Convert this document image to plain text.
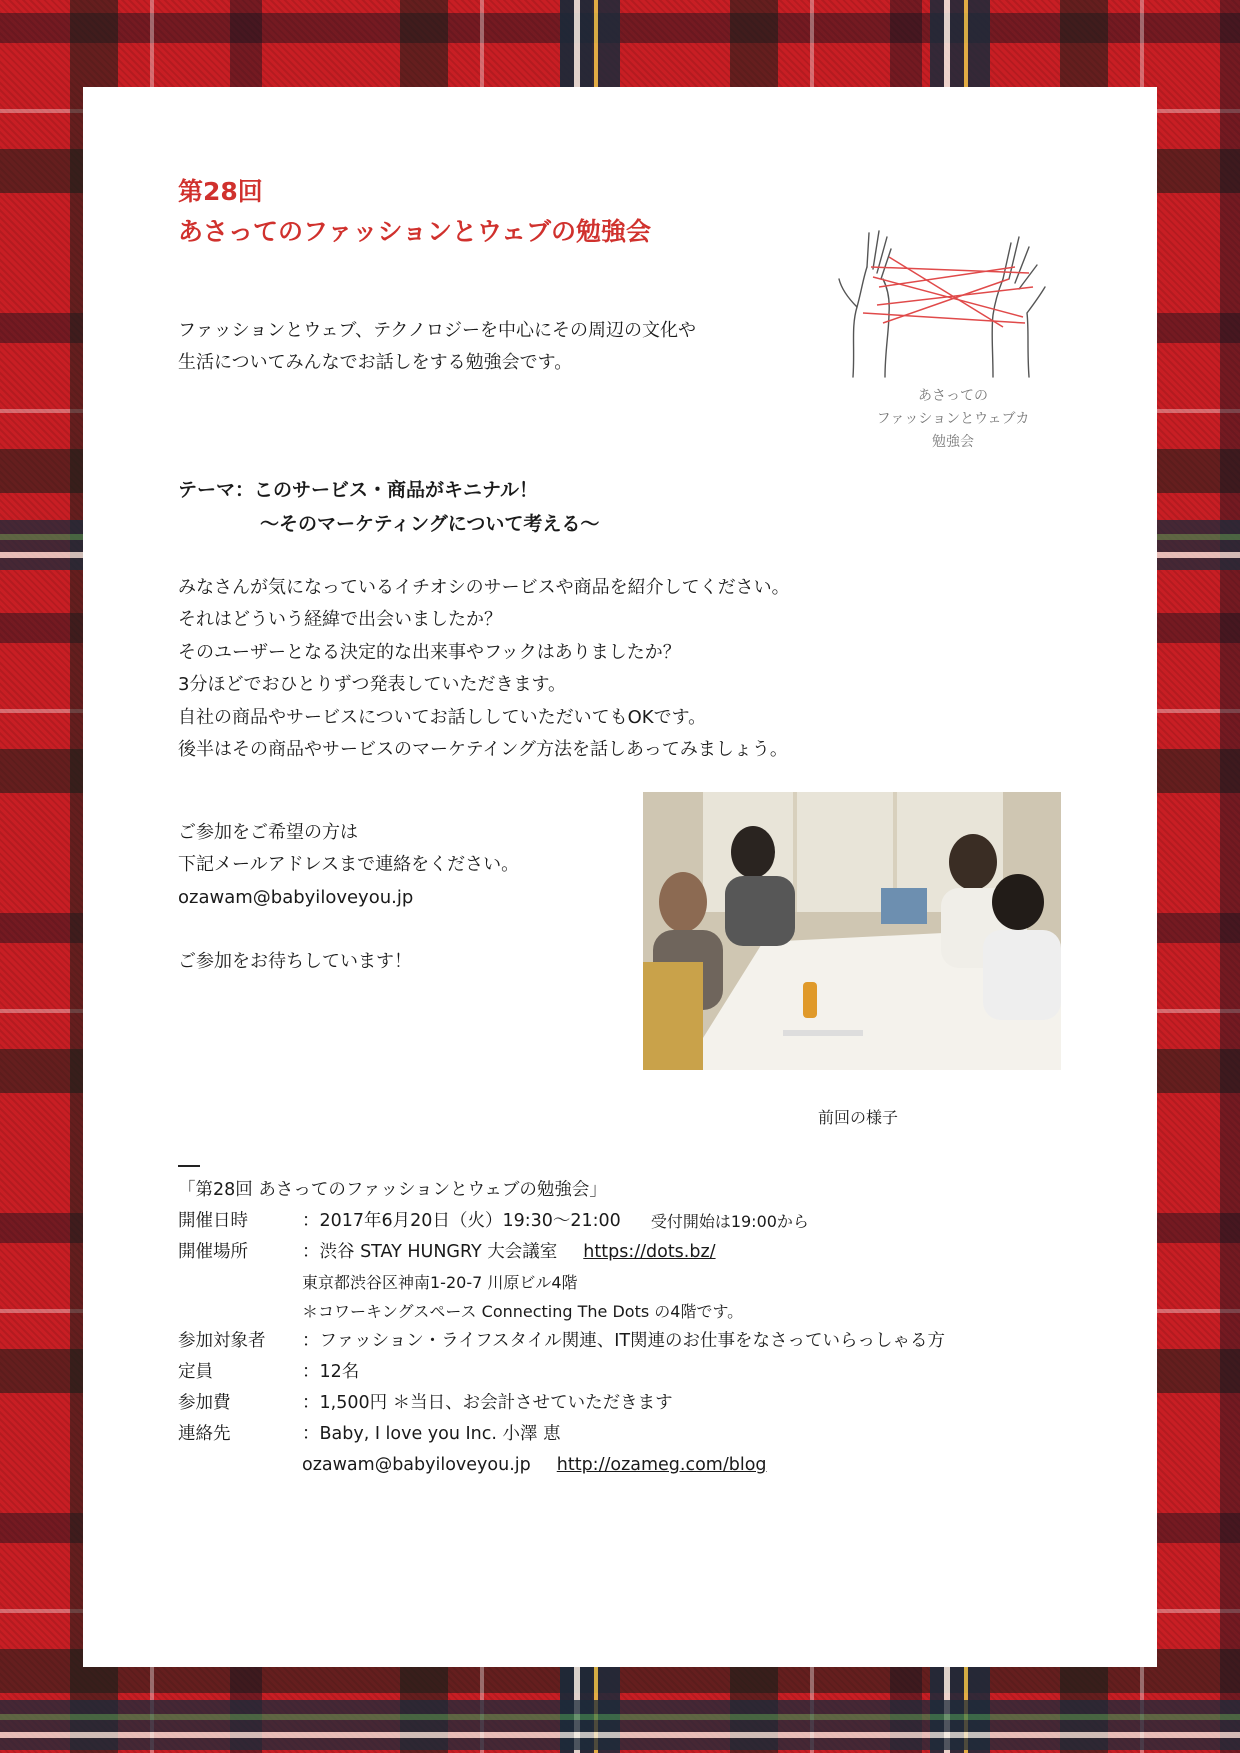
第28回
あさってのファッションとウェブの勉強会
ファッションとウェブ、テクノロジーを中心にその周辺の文化や
生活についてみんなでお話しをする勉強会です。
あさっての
ファッションとウェブカ
勉強会
テーマ：このサービス・商品がキニナル！
〜そのマーケティングについて考える〜
みなさんが気になっているイチオシのサービスや商品を紹介してください。
それはどういう経緯で出会いましたか？
そのユーザーとなる決定的な出来事やフックはありましたか？
3分ほどでおひとりずつ発表していただきます。
自社の商品やサービスについてお話ししていただいてもOKです。
後半はその商品やサービスのマーケテイング方法を話しあってみましょう。
ご参加をご希望の方は
下記メールアドレスまで連絡をください。
ozawam@babyiloveyou.jp
ご参加をお待ちしています！
前回の様子
「第28回 あさってのファッションとウェブの勉強会」
開催日時	：2017年6月20日（火）19:30〜21:00 受付開始は19:00から
開催場所	：渋谷 STAY HUNGRY 大会議室 https://dots.bz/
東京都渋谷区神南1-20-7 川原ビル4階
＊コワーキングスペース Connecting The Dots の4階です。
参加対象者	：ファッション・ライフスタイル関連、IT関連のお仕事をなさっていらっしゃる方
定員	：12名
参加費	：1,500円 ＊当日、お会計させていただきます
連絡先	：Baby, I love you Inc. 小澤 恵
ozawam@babyiloveyou.jp http://ozameg.com/blog
